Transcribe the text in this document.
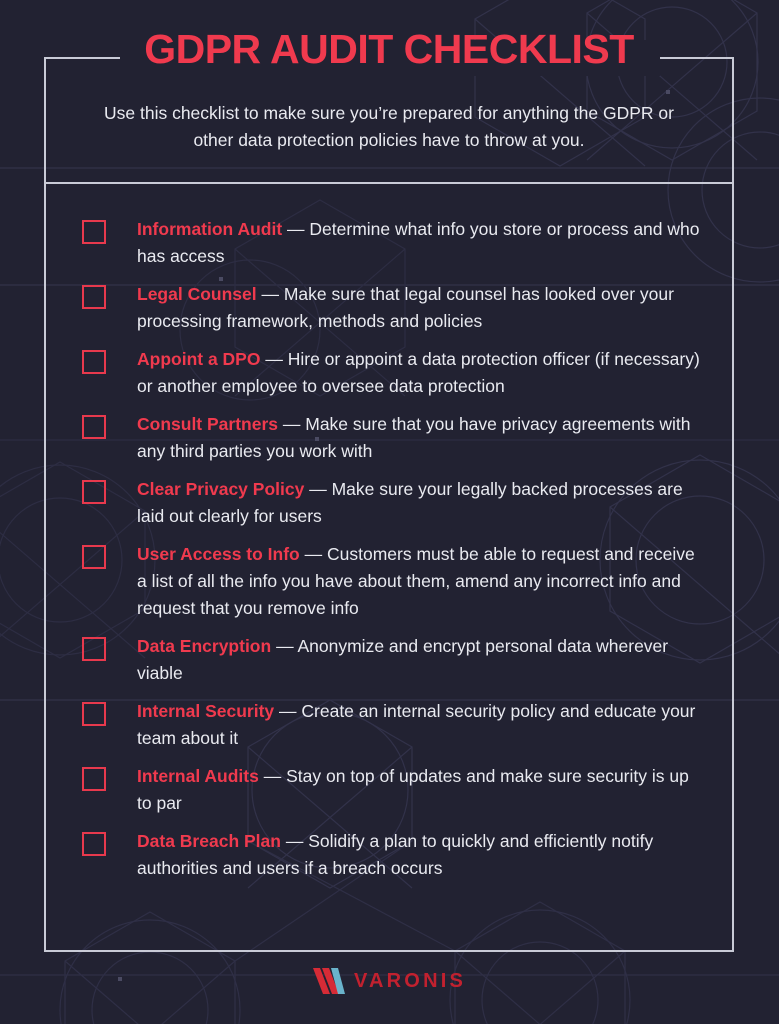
GDPR AUDIT CHECKLIST

Use this checklist to make sure you’re prepared for anything the GDPR or other data protection policies have to throw at you.

Information Audit — Determine what info you store or process and who has access
Legal Counsel — Make sure that legal counsel has looked over your processing framework, methods and policies
Appoint a DPO — Hire or appoint a data protection officer (if necessary) or another employee to oversee data protection
Consult Partners — Make sure that you have privacy agreements with any third parties you work with
Clear Privacy Policy — Make sure your legally backed processes are laid out clearly for users
User Access to Info — Customers must be able to request and receive a list of all the info you have about them, amend any incorrect info and request that you remove info
Data Encryption — Anonymize and encrypt personal data wherever viable
Internal Security — Create an internal security policy and educate your team about it
Internal Audits — Stay on top of updates and make sure security is up to par
Data Breach Plan — Solidify a plan to quickly and efficiently notify authorities and users if a breach occurs
VARONIS
